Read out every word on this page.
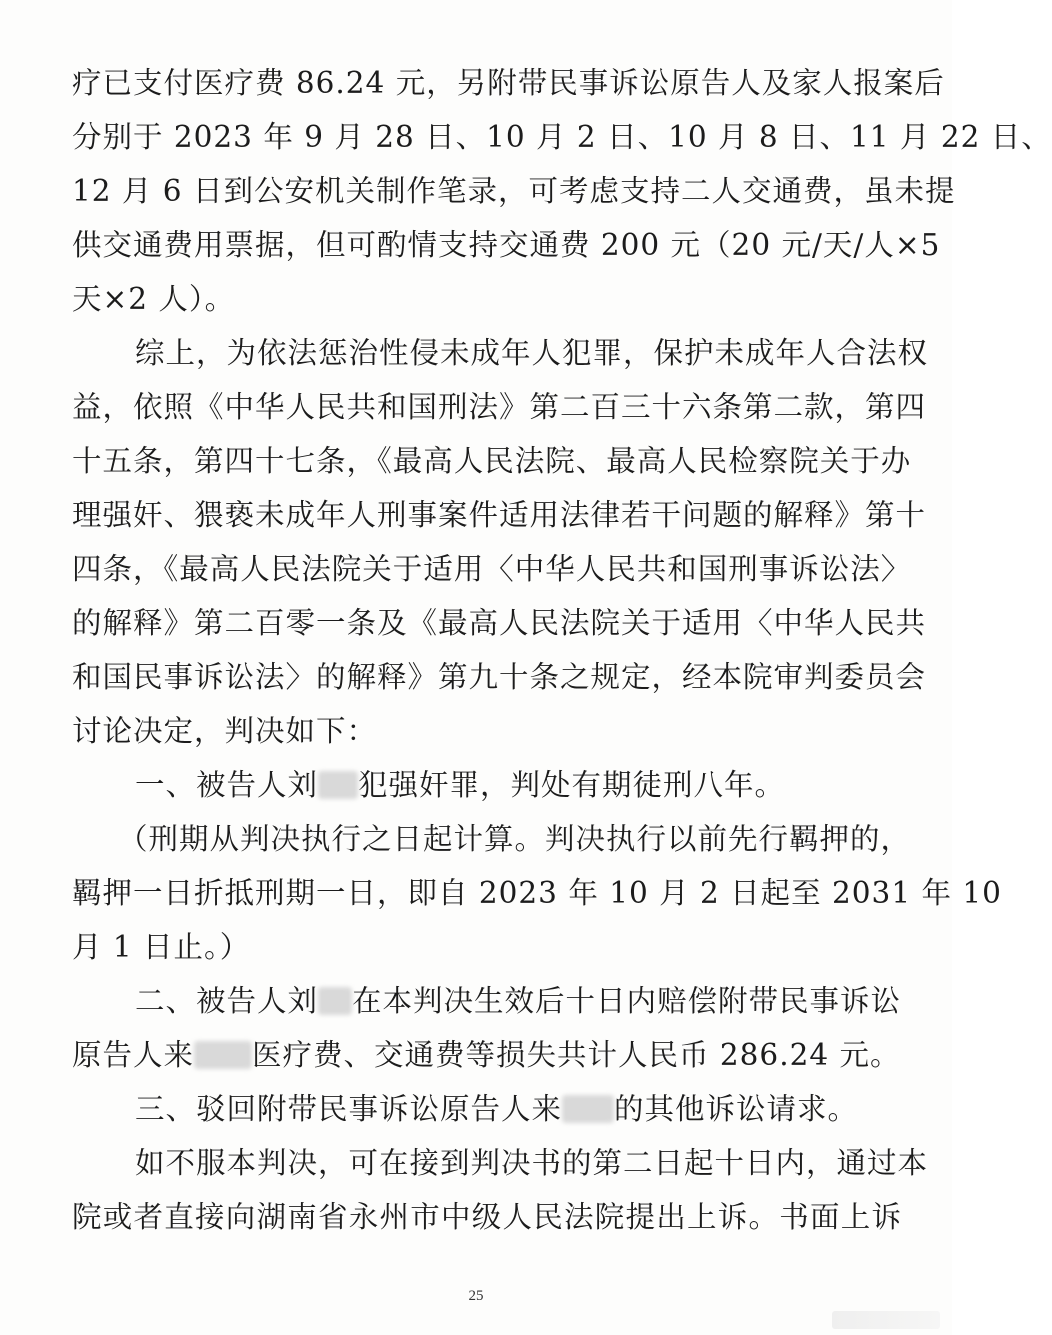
疗已支付医疗费 86.24 元，另附带民事诉讼原告人及家人报案后
分别于 2023 年 9 月 28 日、10 月 2 日、10 月 8 日、11 月 22 日、
12 月 6 日到公安机关制作笔录，可考虑支持二人交通费，虽未提
供交通费用票据，但可酌情支持交通费 200 元（20 元/天/人×5
天×2 人）。
综上，为依法惩治性侵未成年人犯罪，保护未成年人合法权
益，依照《中华人民共和国刑法》第二百三十六条第二款，第四
十五条，第四十七条，《最高人民法院、最高人民检察院关于办
理强奸、猥亵未成年人刑事案件适用法律若干问题的解释》第十
四条，《最高人民法院关于适用〈中华人民共和国刑事诉讼法〉
的解释》第二百零一条及《最高人民法院关于适用〈中华人民共
和国民事诉讼法〉的解释》第九十条之规定，经本院审判委员会
讨论决定，判决如下：
一、被告人刘 犯强奸罪，判处有期徒刑八年。
（刑期从判决执行之日起计算。判决执行以前先行羁押的，
羁押一日折抵刑期一日，即自 2023 年 10 月 2 日起至 2031 年 10
月 1 日止。）
二、被告人刘 在本判决生效后十日内赔偿附带民事诉讼
原告人来 医疗费、交通费等损失共计人民币 286.24 元。
三、驳回附带民事诉讼原告人来 的其他诉讼请求。
如不服本判决，可在接到判决书的第二日起十日内，通过本
院或者直接向湖南省永州市中级人民法院提出上诉。书面上诉
25
